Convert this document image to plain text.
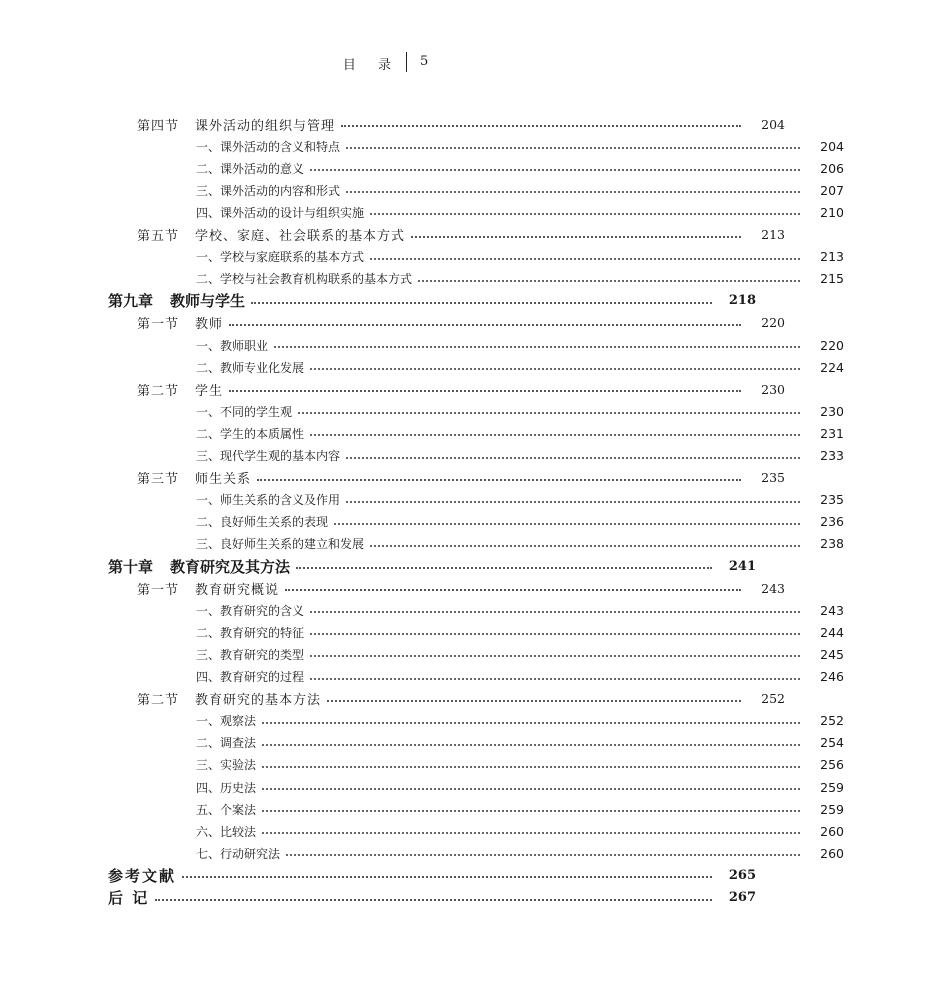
目 录 5
第四节	课外活动的组织与管理	204
一、课外活动的含义和特点	204
二、课外活动的意义	206
三、课外活动的内容和形式	207
四、课外活动的设计与组织实施	210
第五节	学校、家庭、社会联系的基本方式	213
一、学校与家庭联系的基本方式	213
二、学校与社会教育机构联系的基本方式	215
第九章	教师与学生	218
第一节	教师	220
一、教师职业	220
二、教师专业化发展	224
第二节	学生	230
一、不同的学生观	230
二、学生的本质属性	231
三、现代学生观的基本内容	233
第三节	师生关系	235
一、师生关系的含义及作用	235
二、良好师生关系的表现	236
三、良好师生关系的建立和发展	238
第十章	教育研究及其方法	241
第一节	教育研究概说	243
一、教育研究的含义	243
二、教育研究的特征	244
三、教育研究的类型	245
四、教育研究的过程	246
第二节	教育研究的基本方法	252
一、观察法	252
二、调查法	254
三、实验法	256
四、历史法	259
五、个案法	259
六、比较法	260
七、行动研究法	260
参考文献	265
后 记	267
